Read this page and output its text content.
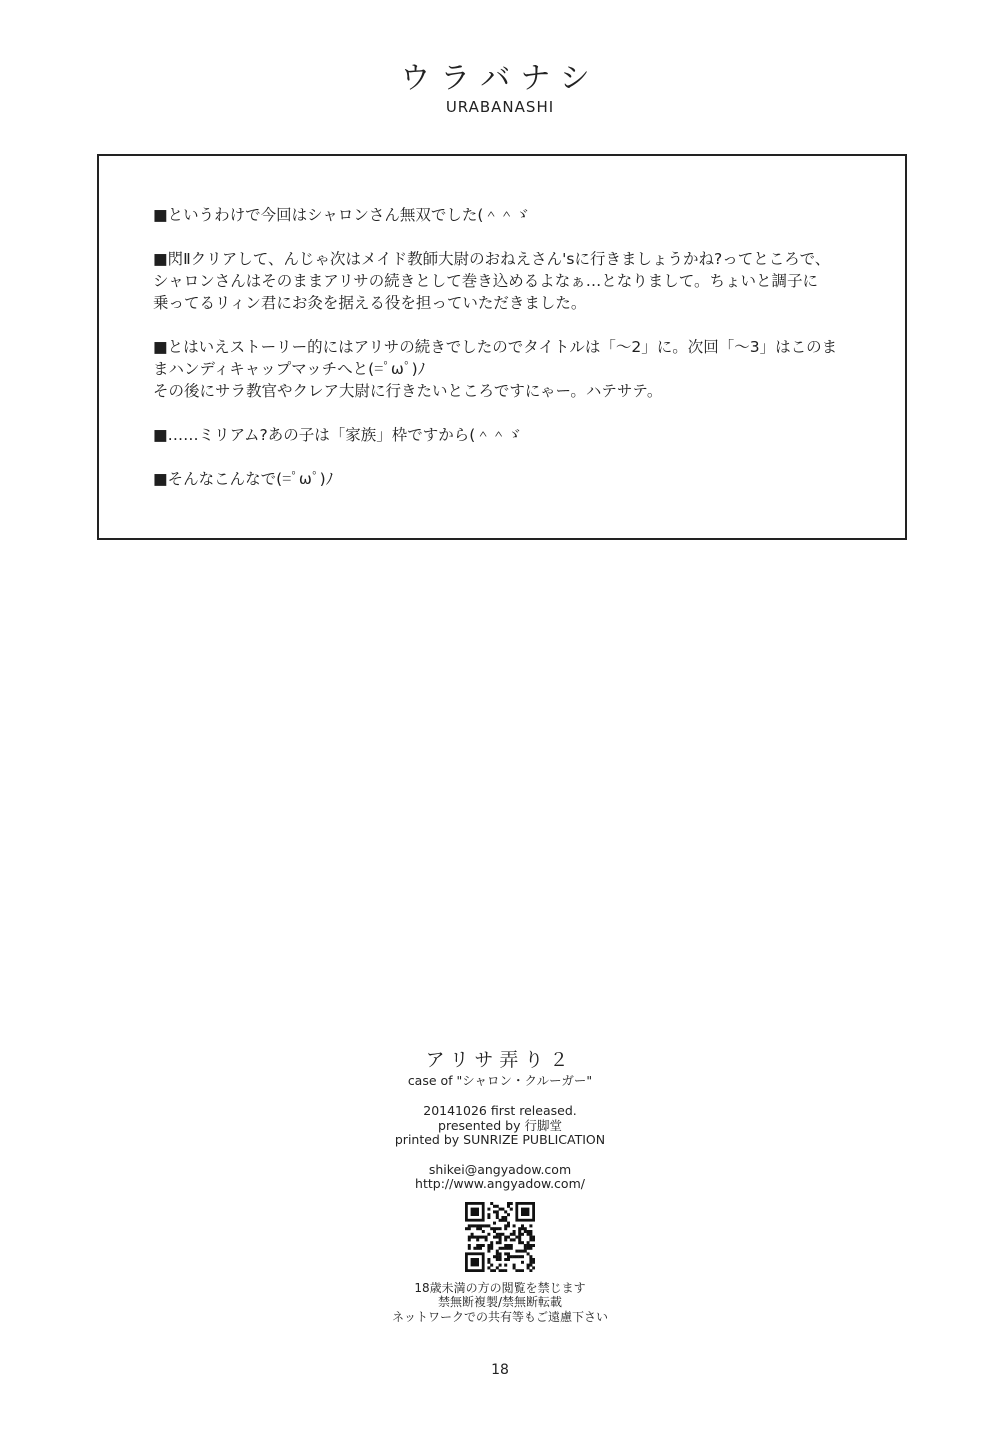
ウラバナシ
URABANASHI
■というわけで今回はシャロンさん無双でした(＾＾ゞ
■閃Ⅱクリアして、んじゃ次はメイド教師大尉のおねえさん'sに行きましょうかね?ってところで、
シャロンさんはそのままアリサの続きとして巻き込めるよなぁ…となりまして。ちょいと調子に
乗ってるリィン君にお灸を据える役を担っていただきました。
■とはいえストーリー的にはアリサの続きでしたのでタイトルは「～2」に。次回「～3」はこのま
まハンディキャップマッチへと(=ﾟωﾟ)ﾉ
その後にサラ教官やクレア大尉に行きたいところですにゃー。ハテサテ。
■……ミリアム?あの子は「家族」枠ですから(＾＾ゞ
■そんなこんなで(=ﾟωﾟ)ﾉ
アリサ弄り２
case of "シャロン・クルーガー"
20141026 first released.
presented by 行脚堂
printed by SUNRIZE PUBLICATION
shikei@angyadow.com
http://www.angyadow.com/
18歳未満の方の閲覧を禁じます
禁無断複製/禁無断転載
ネットワークでの共有等もご遠慮下さい
18
